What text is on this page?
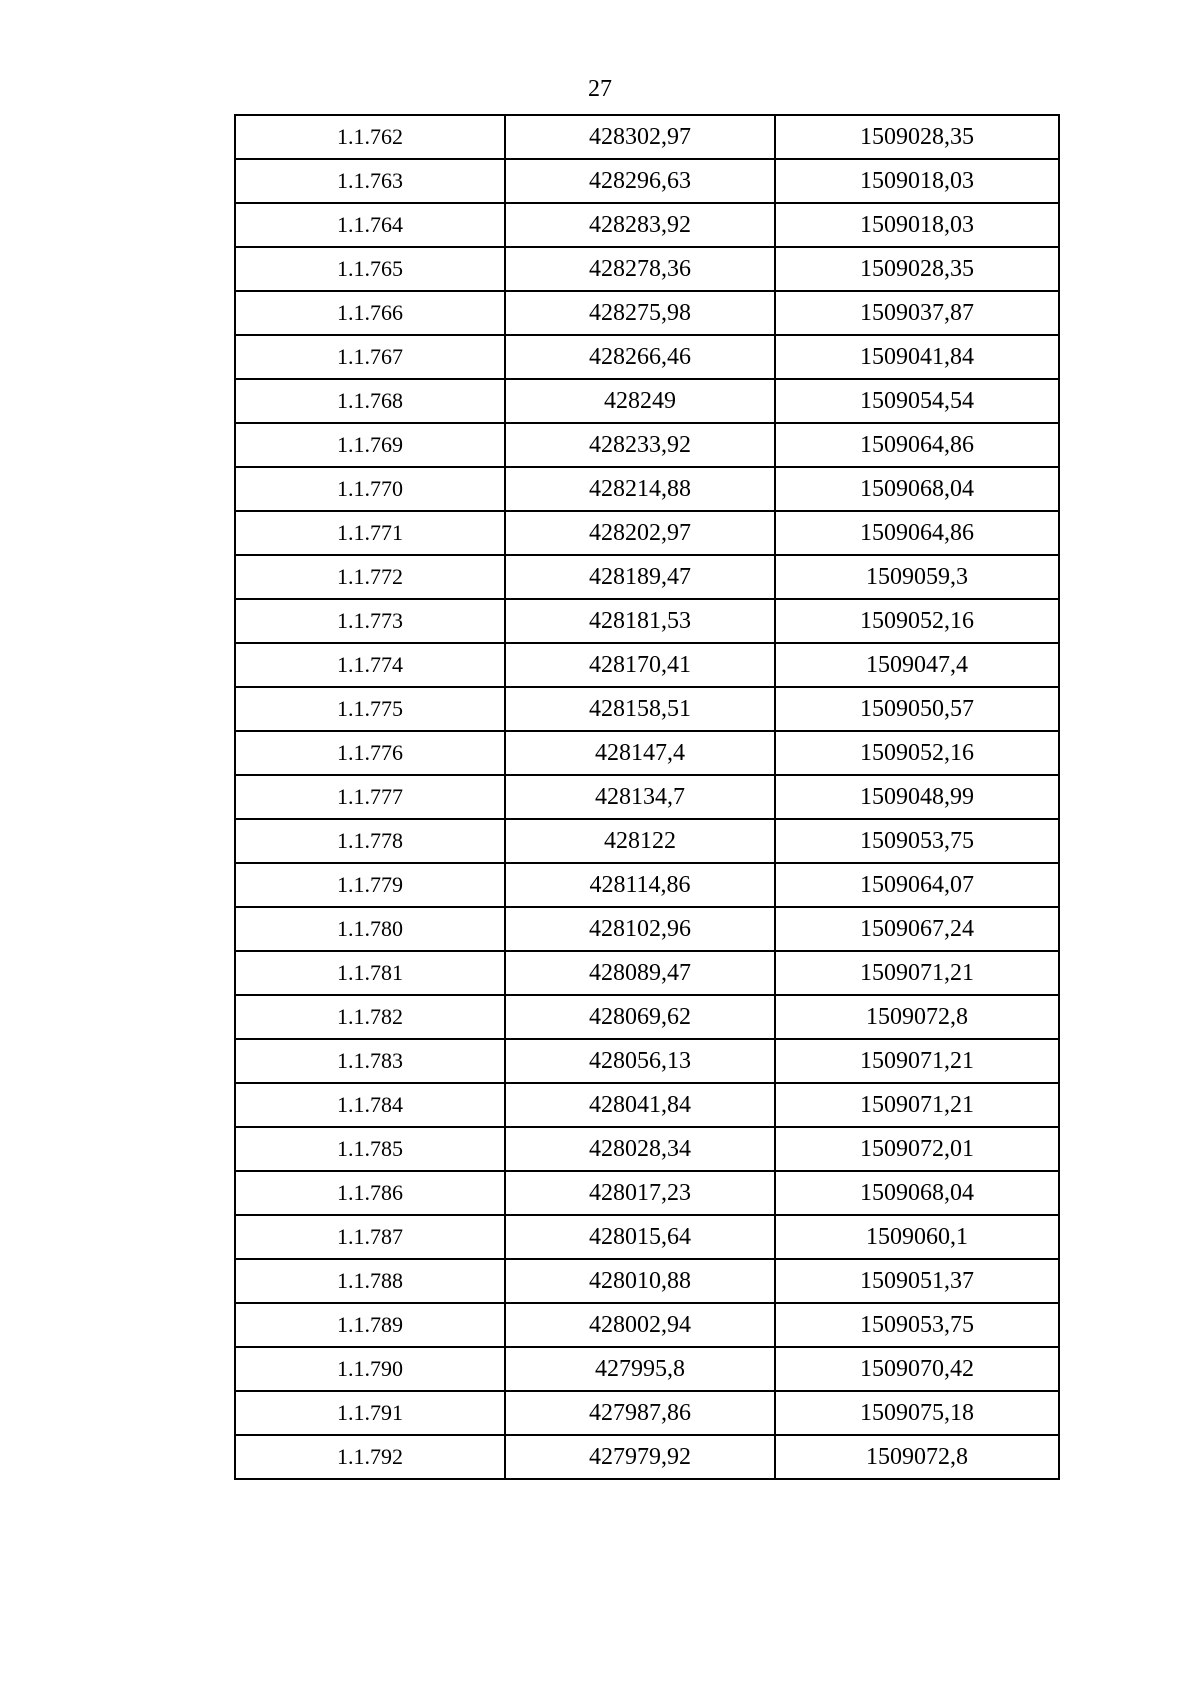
27
1.1.762	428302,97	1509028,35
1.1.763	428296,63	1509018,03
1.1.764	428283,92	1509018,03
1.1.765	428278,36	1509028,35
1.1.766	428275,98	1509037,87
1.1.767	428266,46	1509041,84
1.1.768	428249	1509054,54
1.1.769	428233,92	1509064,86
1.1.770	428214,88	1509068,04
1.1.771	428202,97	1509064,86
1.1.772	428189,47	1509059,3
1.1.773	428181,53	1509052,16
1.1.774	428170,41	1509047,4
1.1.775	428158,51	1509050,57
1.1.776	428147,4	1509052,16
1.1.777	428134,7	1509048,99
1.1.778	428122	1509053,75
1.1.779	428114,86	1509064,07
1.1.780	428102,96	1509067,24
1.1.781	428089,47	1509071,21
1.1.782	428069,62	1509072,8
1.1.783	428056,13	1509071,21
1.1.784	428041,84	1509071,21
1.1.785	428028,34	1509072,01
1.1.786	428017,23	1509068,04
1.1.787	428015,64	1509060,1
1.1.788	428010,88	1509051,37
1.1.789	428002,94	1509053,75
1.1.790	427995,8	1509070,42
1.1.791	427987,86	1509075,18
1.1.792	427979,92	1509072,8
